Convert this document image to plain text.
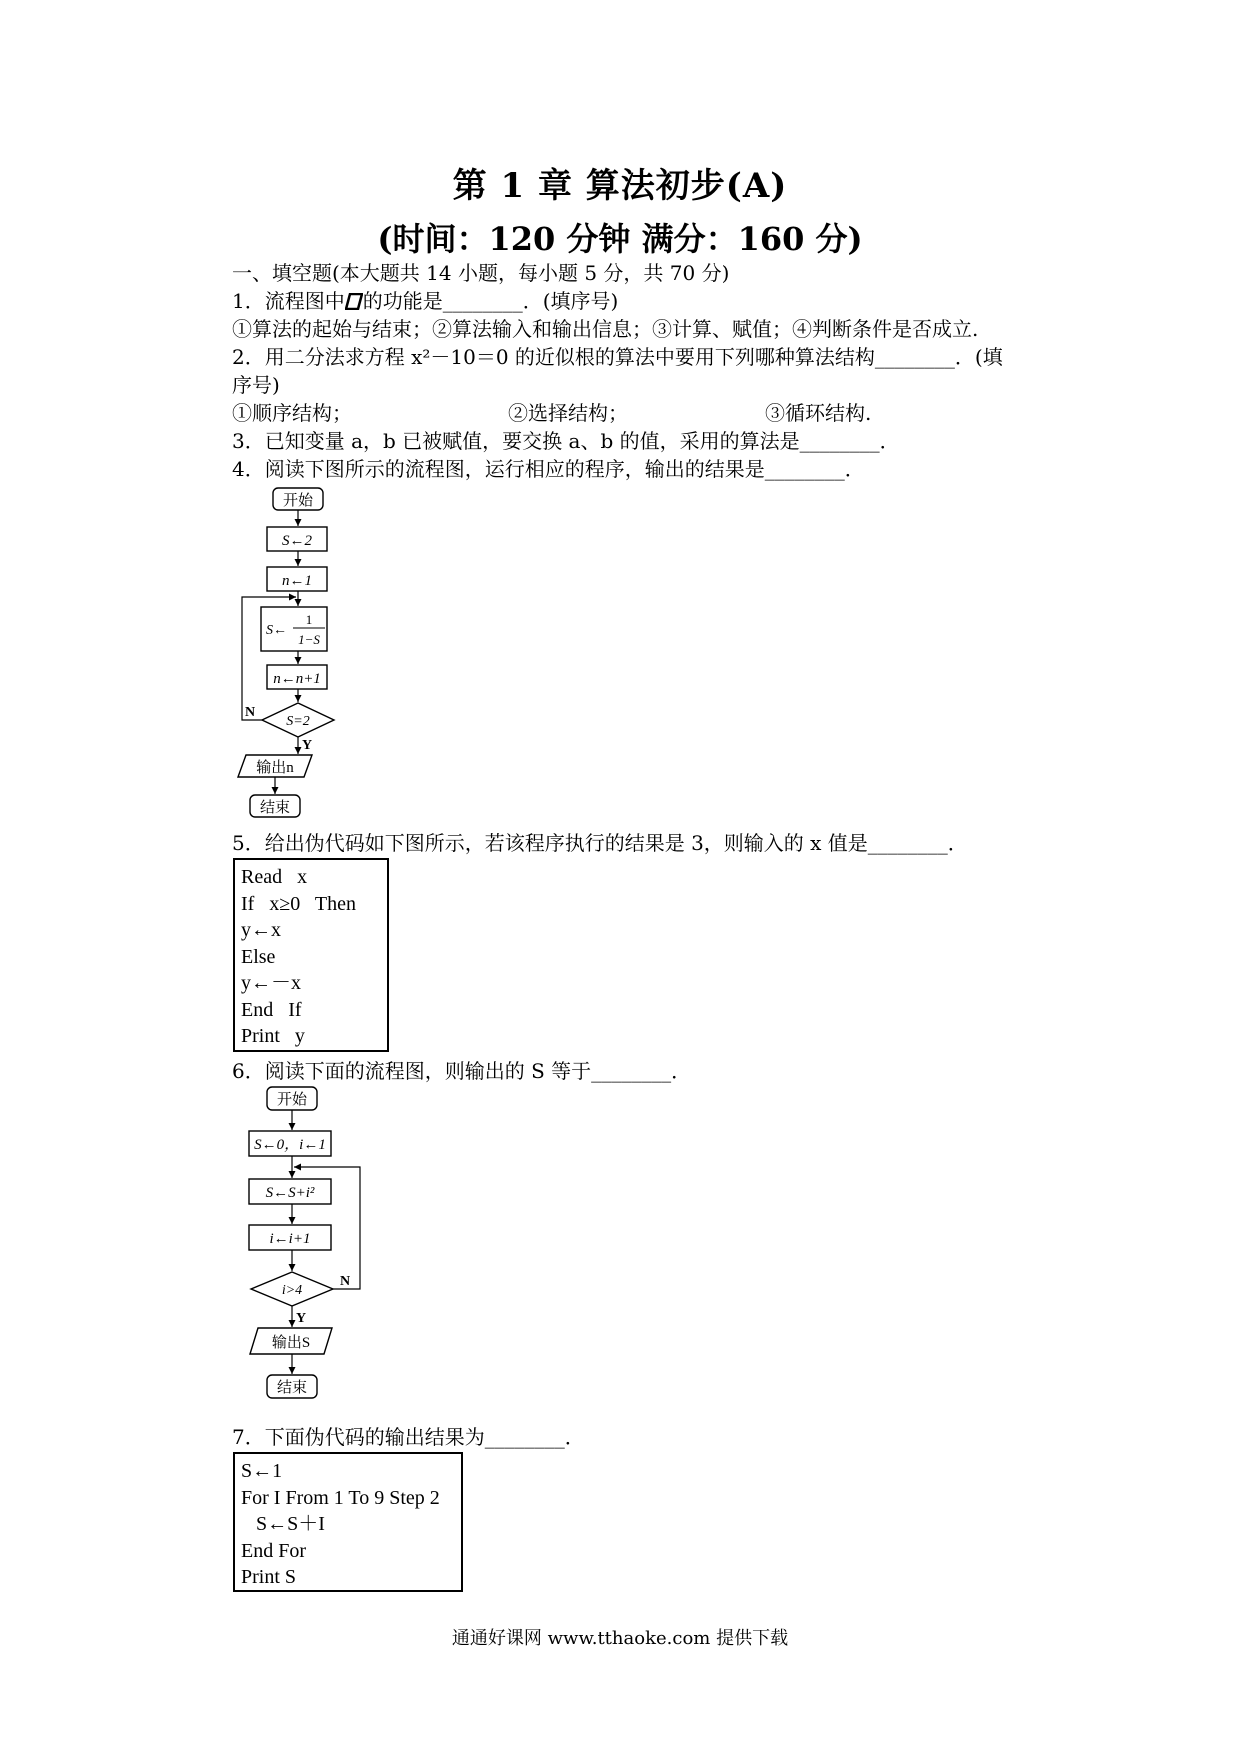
第 1 章 算法初步(A)
(时间：120 分钟 满分：160 分)
一、填空题(本大题共 14 小题，每小题 5 分，共 70 分)
1．流程图中 的功能是________．(填序号)
①算法的起始与结束；②算法输入和输出信息；③计算、赋值；④判断条件是否成立.
2．用二分法求方程 x²－10＝0 的近似根的算法中要用下列哪种算法结构________．(填
序号)
①顺序结构；	②选择结构；	③循环结构.
3．已知变量 a，b 已被赋值，要交换 a、b 的值，采用的算法是________．
4．阅读下图所示的流程图，运行相应的程序，输出的结果是________．
开始
S←2
n←1
S←
1
1−S
n←n+1
S=2
N
Y
输出n
结束
5．给出伪代码如下图所示，若该程序执行的结果是 3，则输入的 x 值是________．
Read   x
If   x≥0   Then
y←x
Else
y←－x
End   If
Print   y
6．阅读下面的流程图，则输出的 S 等于________．
开始
S←0，i←1
S←S+i²
i←i+1
i>4
N
Y
输出S
结束
7．下面伪代码的输出结果为________．
S←1
For I From 1 To 9 Step 2
S←S＋I
End For
Print S
通通好课网 www.tthaoke.com 提供下载
